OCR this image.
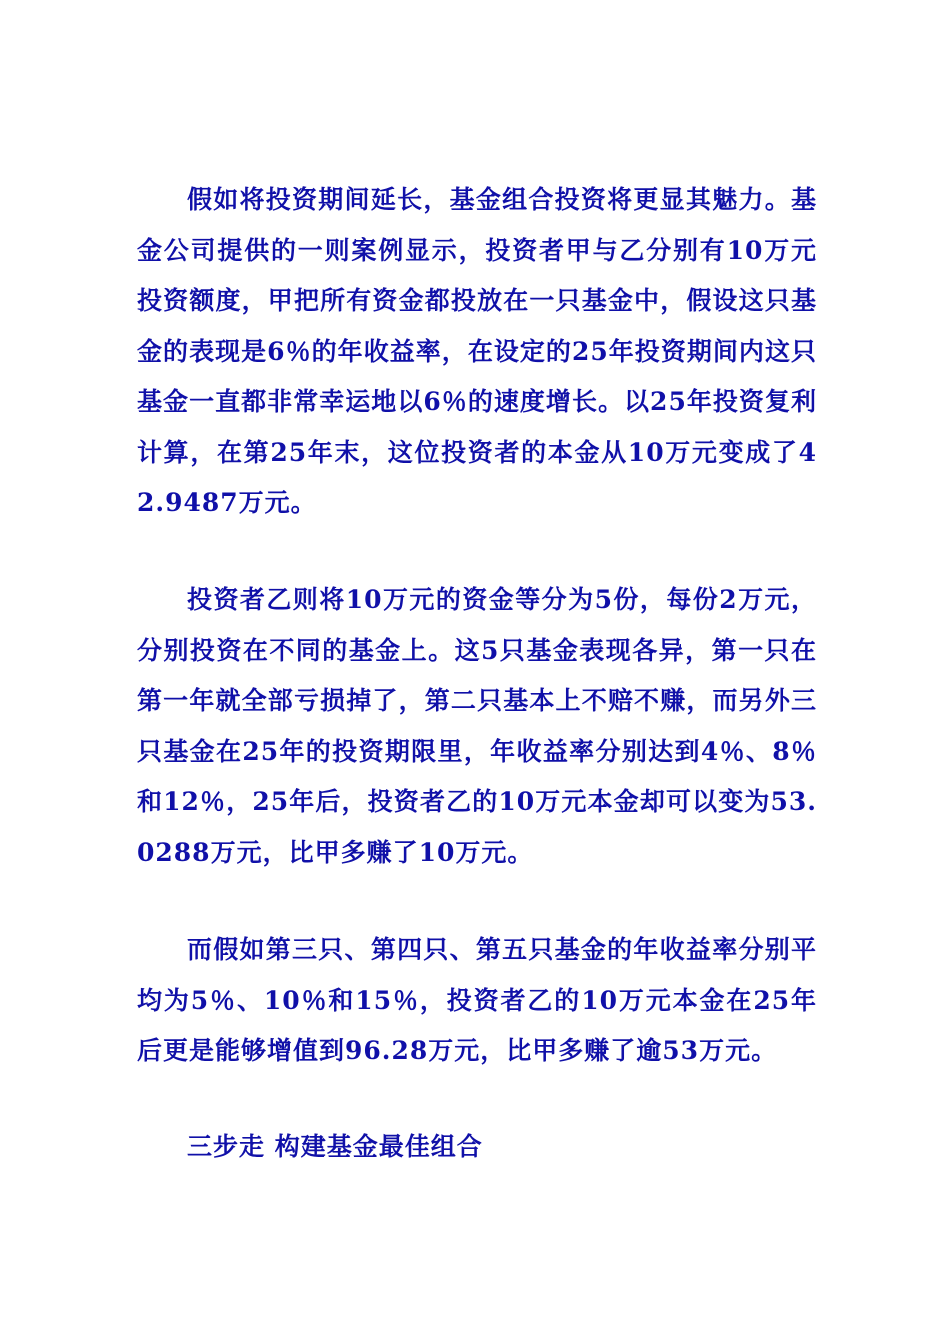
假如将投资期间延长，基金组合投资将更显其魅力。基金公司提供的一则案例显示，投资者甲与乙分别有10万元投资额度，甲把所有资金都投放在一只基金中，假设这只基金的表现是6％的年收益率，在设定的25年投资期间内这只基金一直都非常幸运地以6％的速度增长。以25年投资复利计算，在第25年末，这位投资者的本金从10万元变成了42.9487万元。

投资者乙则将10万元的资金等分为5份，每份2万元，分别投资在不同的基金上。这5只基金表现各异，第一只在第一年就全部亏损掉了，第二只基本上不赔不赚，而另外三只基金在25年的投资期限里，年收益率分别达到4％、8％和12％，25年后，投资者乙的10万元本金却可以变为53.0288万元，比甲多赚了10万元。

而假如第三只、第四只、第五只基金的年收益率分别平均为5％、10％和15％，投资者乙的10万元本金在25年后更是能够增值到96.28万元，比甲多赚了逾53万元。

三步走 构建基金最佳组合
